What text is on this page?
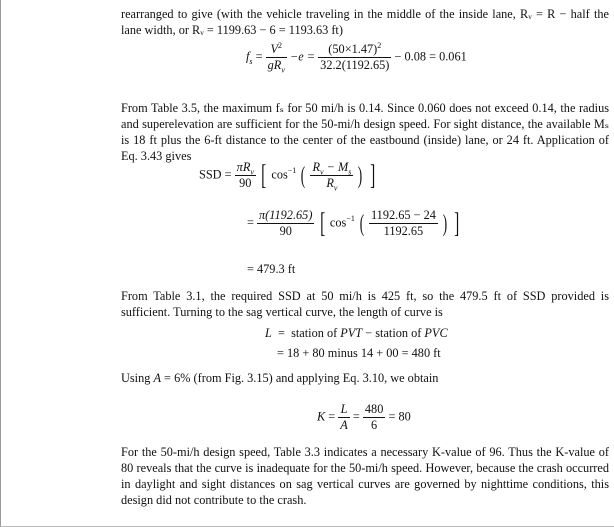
rearranged to give (with the vehicle traveling in the middle of the inside lane, Rᵥ = R − half the lane width, or Rᵥ = 1199.63 − 6 = 1193.63 ft)

$f_s = \frac{V^2}{gR_v} -e = \frac{(50\times 1.47)^2}{32.2(1192.65)} - 0.08 = 0.061$

From Table 3.5, the maximum fₛ for 50 mi/h is 0.14. Since 0.060 does not exceed 0.14, the radius and superelevation are sufficient for the 50-mi/h design speed. For sight distance, the available Mₛ is 18 ft plus the 6-ft distance to the center of the eastbound (inside) lane, or 24 ft. Application of Eq. 3.43 gives

SSD = $\frac{\pi R_v}{90}$ [ $\cos^{-1}$ ( $\frac{R_v - M_s}{R_v}$ ) ]
= $\frac{\pi(1192.65)}{90}$ [ $\cos^{-1}$ ( $\frac{1192.65 - 24}{1192.65}$ ) ]
= 479.3 ft

From Table 3.1, the required SSD at 50 mi/h is 425 ft, so the 479.5 ft of SSD provided is sufficient. Turning to the sag vertical curve, the length of curve is

L = station of PVT − station of PVC
= 18 + 80 minus 14 + 00 = 480 ft
Using A = 6% (from Fig. 3.15) and applying Eq. 3.10, we obtain
$K = \frac{L}{A} = \frac{480}{6} = 80$

For the 50-mi/h design speed, Table 3.3 indicates a necessary K-value of 96. Thus the K-value of 80 reveals that the curve is inadequate for the 50-mi/h speed. However, because the crash occurred in daylight and sight distances on sag vertical curves are governed by nighttime conditions, this design did not contribute to the crash.
